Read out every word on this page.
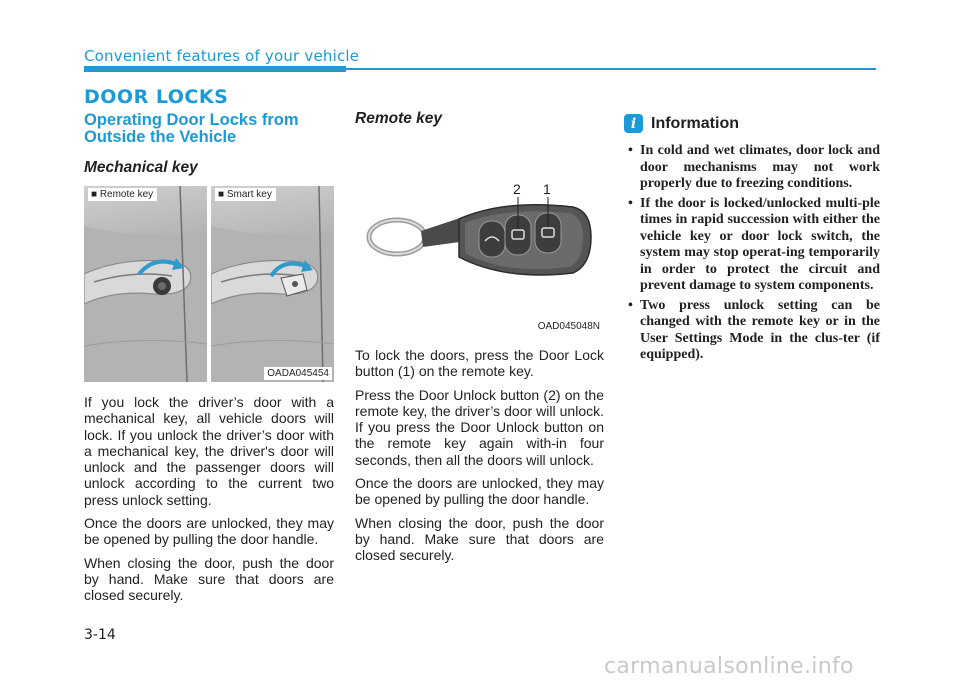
Convenient features of your vehicle
DOOR LOCKS
Operating Door Locks from Outside the Vehicle
Mechanical key
■ Remote key	■ Smart key
OADA045454

If you lock the driver’s door with a mechanical key, all vehicle doors will lock. If you unlock the driver’s door with a mechanical key, the driver's door will unlock and the passenger doors will unlock according to the current two press unlock setting.

Once the doors are unlocked, they may be opened by pulling the door handle.

When closing the door, push the door by hand. Make sure that doors are closed securely.

Remote key
2 1
OAD045048N

To lock the doors, press the Door Lock button (1) on the remote key.

Press the Door Unlock button (2) on the remote key, the driver’s door will unlock. If you press the Door Unlock button on the remote key again with-in four seconds, then all the doors will unlock.

Once the doors are unlocked, they may be opened by pulling the door handle.

When closing the door, push the door by hand. Make sure that doors are closed securely.

i Information
• In cold and wet climates, door lock and door mechanisms may not work properly due to freezing conditions.
• If the door is locked/unlocked multi-ple times in rapid succession with either the vehicle key or door lock switch, the system may stop operat-ing temporarily in order to protect the circuit and prevent damage to system components.
• Two press unlock setting can be changed with the remote key or in the User Settings Mode in the clus-ter (if equipped).
3-14
carmanualsonline.info
